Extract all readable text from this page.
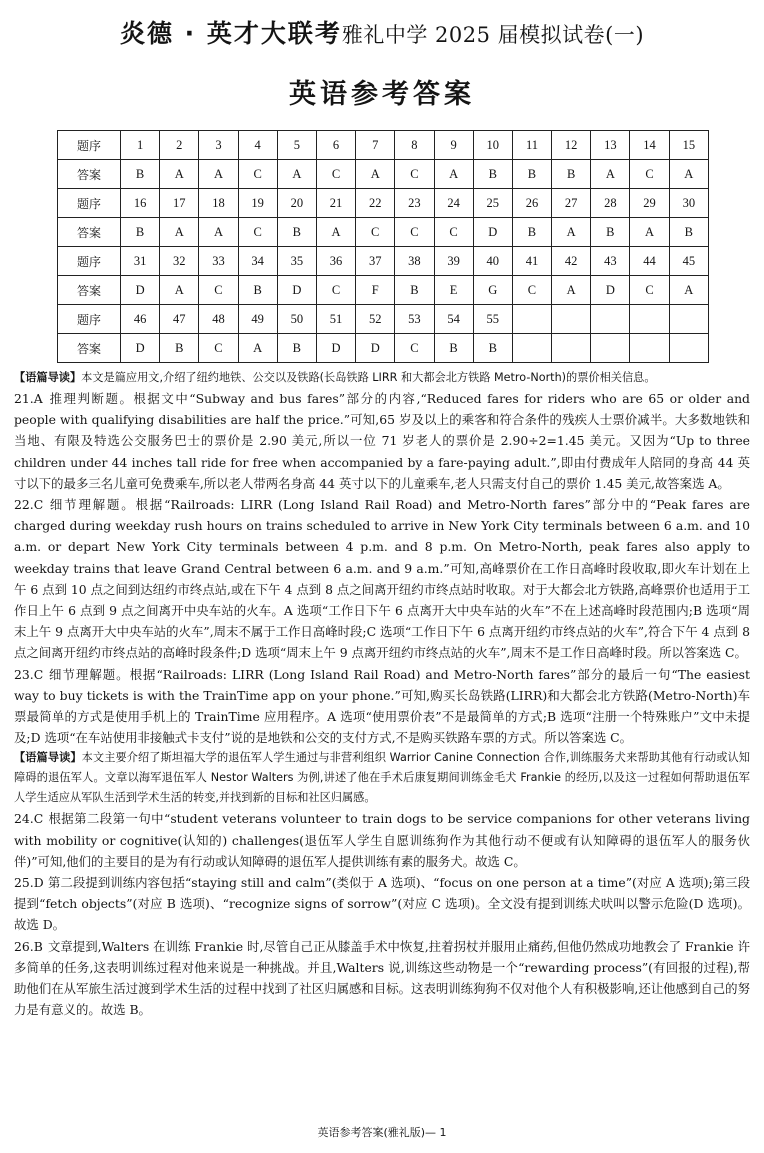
炎德 · 英才大联考 雅礼中学 2025 届模拟试卷(一)
英语参考答案
题序	1	2	3	4	5	6	7	8	9	10	11	12	13	14	15
答案	B	A	A	C	A	C	A	C	A	B	B	B	A	C	A
题序	16	17	18	19	20	21	22	23	24	25	26	27	28	29	30
答案	B	A	A	C	B	A	C	C	C	D	B	A	B	A	B
题序	31	32	33	34	35	36	37	38	39	40	41	42	43	44	45
答案	D	A	C	B	D	C	F	B	E	G	C	A	D	C	A
题序	46	47	48	49	50	51	52	53	54	55					
答案	D	B	C	A	B	D	D	C	B	B					

【语篇导读】本文是篇应用文,介绍了纽约地铁、公交以及铁路(长岛铁路 LIRR 和大都会北方铁路 Metro-North)的票价相关信息。

21.A 推理判断题。根据文中“Subway and bus fares”部分的内容,“Reduced fares for riders who are 65 or older and people with qualifying disabilities are half the price.”可知,65 岁及以上的乘客和符合条件的残疾人士票价减半。大多数地铁和当地、有限及特选公交服务巴士的票价是 2.90 美元,所以一位 71 岁老人的票价是 2.90÷2=1.45 美元。又因为“Up to three children under 44 inches tall ride for free when accompanied by a fare-paying adult.”,即由付费成年人陪同的身高 44 英寸以下的最多三名儿童可免费乘车,所以老人带两名身高 44 英寸以下的儿童乘车,老人只需支付自己的票价 1.45 美元,故答案选 A。

22.C 细节理解题。根据“Railroads: LIRR (Long Island Rail Road) and Metro-North fares”部分中的“Peak fares are charged during weekday rush hours on trains scheduled to arrive in New York City terminals between 6 a.m. and 10 a.m. or depart New York City terminals between 4 p.m. and 8 p.m. On Metro-North, peak fares also apply to weekday trains that leave Grand Central between 6 a.m. and 9 a.m.”可知,高峰票价在工作日高峰时段收取,即火车计划在上午 6 点到 10 点之间到达纽约市终点站,或在下午 4 点到 8 点之间离开纽约市终点站时收取。对于大都会北方铁路,高峰票价也适用于工作日上午 6 点到 9 点之间离开中央车站的火车。A 选项“工作日下午 6 点离开大中央车站的火车”不在上述高峰时段范围内;B 选项“周末上午 9 点离开大中央车站的火车”,周末不属于工作日高峰时段;C 选项“工作日下午 6 点离开纽约市终点站的火车”,符合下午 4 点到 8 点之间离开纽约市终点站的高峰时段条件;D 选项“周末上午 9 点离开纽约市终点站的火车”,周末不是工作日高峰时段。所以答案选 C。

23.C 细节理解题。根据“Railroads: LIRR (Long Island Rail Road) and Metro-North fares”部分的最后一句“The easiest way to buy tickets is with the TrainTime app on your phone.”可知,购买长岛铁路(LIRR)和大都会北方铁路(Metro-North)车票最简单的方式是使用手机上的 TrainTime 应用程序。A 选项“使用票价表”不是最简单的方式;B 选项“注册一个特殊账户”文中未提及;D 选项“在车站使用非接触式卡支付”说的是地铁和公交的支付方式,不是购买铁路车票的方式。所以答案选 C。

【语篇导读】本文主要介绍了斯坦福大学的退伍军人学生通过与非营利组织 Warrior Canine Connection 合作,训练服务犬来帮助其他有行动或认知障碍的退伍军人。文章以海军退伍军人 Nestor Walters 为例,讲述了他在手术后康复期间训练金毛犬 Frankie 的经历,以及这一过程如何帮助退伍军人学生适应从军队生活到学术生活的转变,并找到新的目标和社区归属感。

24.C 根据第二段第一句中“student veterans volunteer to train dogs to be service companions for other veterans living with mobility or cognitive(认知的) challenges(退伍军人学生自愿训练狗作为其他行动不便或有认知障碍的退伍军人的服务伙伴)”可知,他们的主要目的是为有行动或认知障碍的退伍军人提供训练有素的服务犬。故选 C。

25.D 第二段提到训练内容包括“staying still and calm”(类似于 A 选项)、“focus on one person at a time”(对应 A 选项);第三段提到“fetch objects”(对应 B 选项)、“recognize signs of sorrow”(对应 C 选项)。全文没有提到训练犬吠叫以警示危险(D 选项)。故选 D。

26.B 文章提到,Walters 在训练 Frankie 时,尽管自己正从膝盖手术中恢复,拄着拐杖并服用止痛药,但他仍然成功地教会了 Frankie 许多简单的任务,这表明训练过程对他来说是一种挑战。并且,Walters 说,训练这些动物是一个“rewarding process”(有回报的过程),帮助他们在从军旅生活过渡到学术生活的过程中找到了社区归属感和目标。这表明训练狗狗不仅对他个人有积极影响,还让他感到自己的努力是有意义的。故选 B。

英语参考答案(雅礼版)— 1
